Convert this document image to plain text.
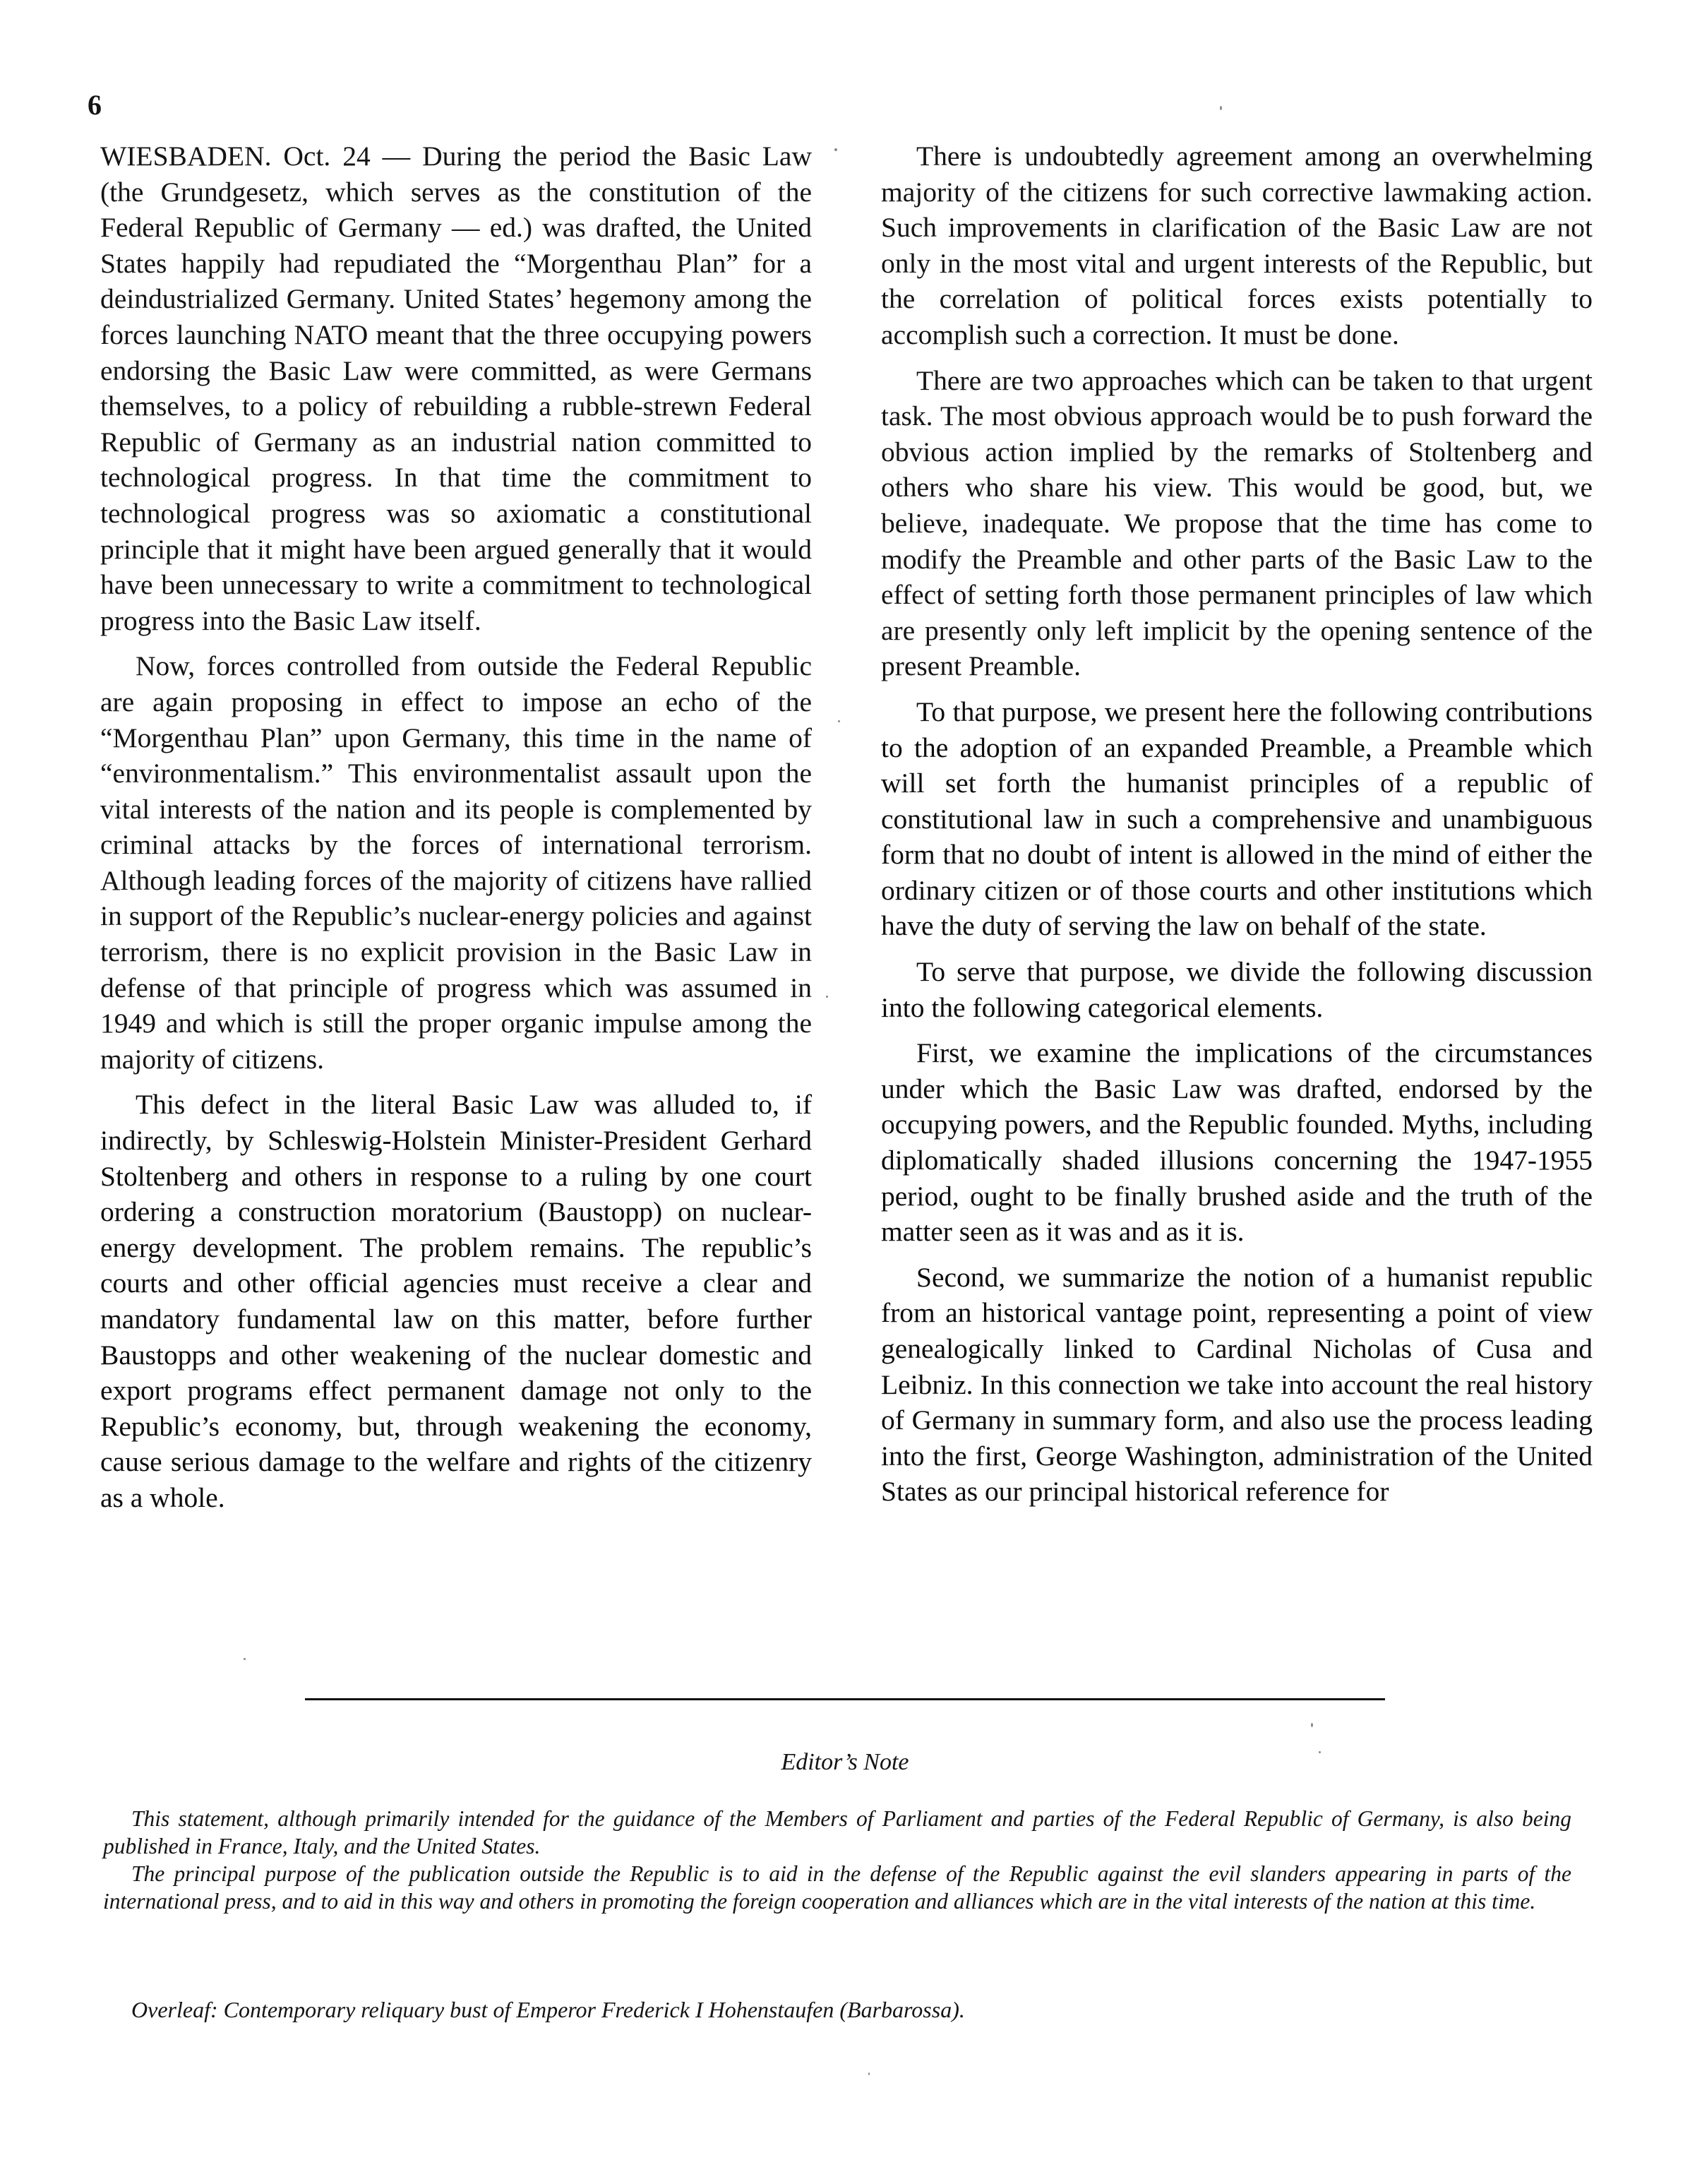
6

WIESBADEN. Oct. 24 — During the period the Basic Law (the Grundgesetz, which serves as the constitution of the Federal Republic of Germany — ed.) was drafted, the United States happily had repudiated the “Morgenthau Plan” for a deindustrialized Germany. United States’ hegemony among the forces launching NATO meant that the three occupying powers endorsing the Basic Law were committed, as were Germans themselves, to a policy of rebuilding a rubble-strewn Federal Republic of Germany as an industrial nation committed to technological progress. In that time the commitment to technological progress was so axiomatic a constitutional principle that it might have been argued generally that it would have been unnecessary to write a commitment to technological progress into the Basic Law itself.

Now, forces controlled from outside the Federal Republic are again proposing in effect to impose an echo of the “Morgenthau Plan” upon Germany, this time in the name of “environmentalism.” This environmentalist assault upon the vital interests of the nation and its people is complemented by criminal attacks by the forces of international terrorism. Although leading forces of the majority of citizens have rallied in support of the Republic’s nuclear-energy policies and against terrorism, there is no explicit provision in the Basic Law in defense of that principle of progress which was assumed in 1949 and which is still the proper organic impulse among the majority of citizens.

This defect in the literal Basic Law was alluded to, if indirectly, by Schleswig-Holstein Minister-President Gerhard Stoltenberg and others in response to a ruling by one court ordering a construction moratorium (Baustopp) on nuclear-energy development. The problem remains. The republic’s courts and other official agencies must receive a clear and mandatory fundamental law on this matter, before further Baustopps and other weakening of the nuclear domestic and export programs effect permanent damage not only to the Republic’s economy, but, through weakening the economy, cause serious damage to the welfare and rights of the citizenry as a whole.

There is undoubtedly agreement among an overwhelming majority of the citizens for such corrective lawmaking action. Such improvements in clarification of the Basic Law are not only in the most vital and urgent interests of the Republic, but the correlation of political forces exists potentially to accomplish such a correction. It must be done.

There are two approaches which can be taken to that urgent task. The most obvious approach would be to push forward the obvious action implied by the remarks of Stoltenberg and others who share his view. This would be good, but, we believe, inadequate. We propose that the time has come to modify the Preamble and other parts of the Basic Law to the effect of setting forth those permanent principles of law which are presently only left implicit by the opening sentence of the present Preamble.

To that purpose, we present here the following contributions to the adoption of an expanded Preamble, a Preamble which will set forth the humanist principles of a republic of constitutional law in such a comprehensive and unambiguous form that no doubt of intent is allowed in the mind of either the ordinary citizen or of those courts and other institutions which have the duty of serving the law on behalf of the state.

To serve that purpose, we divide the following discussion into the following categorical elements.

First, we examine the implications of the circumstances under which the Basic Law was drafted, endorsed by the occupying powers, and the Republic founded. Myths, including diplomatically shaded illusions concerning the 1947-1955 period, ought to be finally brushed aside and the truth of the matter seen as it was and as it is.

Second, we summarize the notion of a humanist republic from an historical vantage point, representing a point of view genealogically linked to Cardinal Nicholas of Cusa and Leibniz. In this connection we take into account the real history of Germany in summary form, and also use the process leading into the first, George Washington, administration of the United States as our principal historical reference for

Editor’s Note

This statement, although primarily intended for the guidance of the Members of Parliament and parties of the Federal Republic of Germany, is also being published in France, Italy, and the United States.

The principal purpose of the publication outside the Republic is to aid in the defense of the Republic against the evil slanders appearing in parts of the international press, and to aid in this way and others in promoting the foreign cooperation and alliances which are in the vital interests of the nation at this time.

Overleaf: Contemporary reliquary bust of Emperor Frederick I Hohenstaufen (Barbarossa).
